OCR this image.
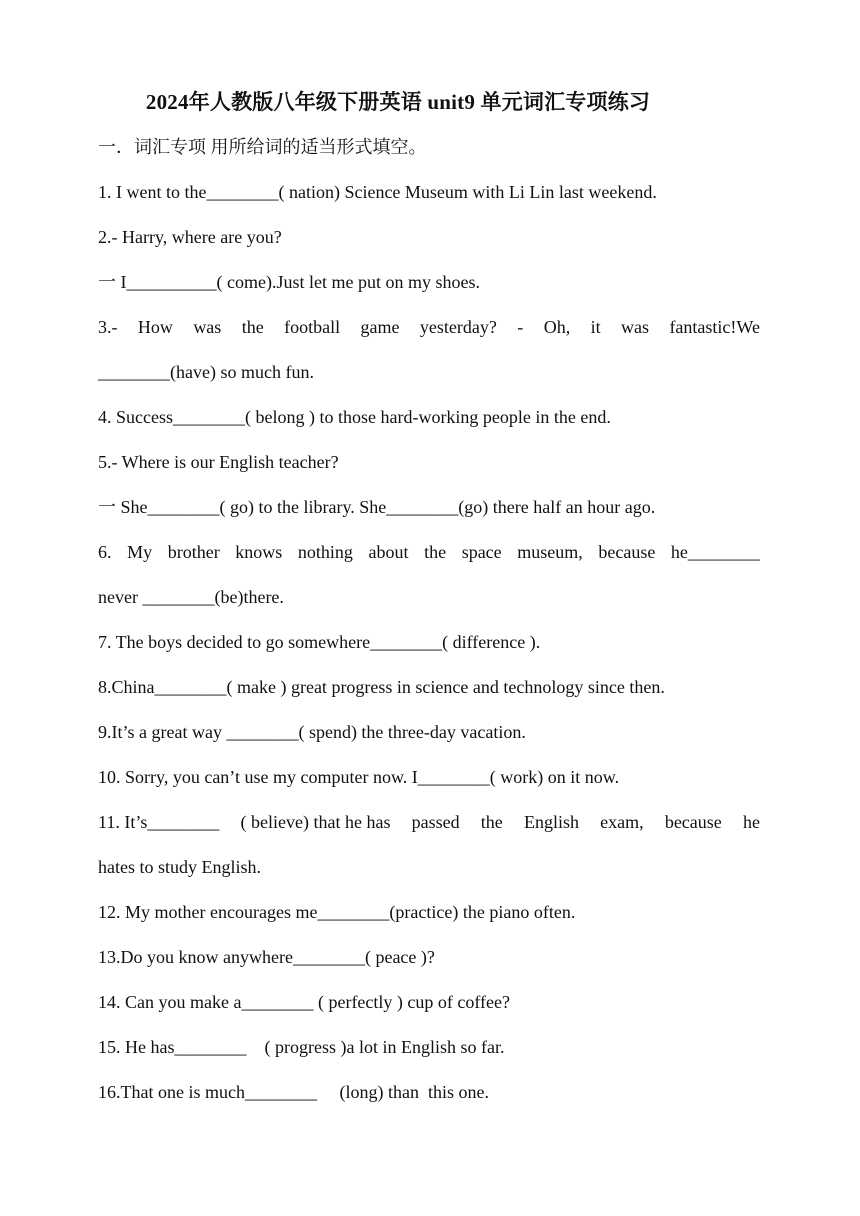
2024年人教版八年级下册英语 unit9 单元词汇专项练习
一．词汇专项 用所给词的适当形式填空。
1. I went to the________( nation) Science Museum with Li Lin last weekend.
2.- Harry, where are you?
一 I__________( come).Just let me put on my shoes.
3.- How was the football game yesterday? - Oh, it was fantastic!We
________(have) so much fun.
4. Success________( belong ) to those hard-working people in the end.
5.- Where is our English teacher?
一 She________( go) to the library. She________(go) there half an hour ago.
6. My brother knows nothing about the space museum, because he________
never ________(be)there.
7. The boys decided to go somewhere________( difference ).
8.China________( make ) great progress in science and technology since then.
9.It’s a great way ________( spend) the three-day vacation.
10. Sorry, you can’t use my computer now. I________( work) on it now.
11. It’s________ ( believe) that he has passed the English exam, because he
hates to study English.
12. My mother encourages me________(practice) the piano often.
13.Do you know anywhere________( peace )?
14. Can you make a________ ( perfectly ) cup of coffee?
15. He has________    ( progress )a lot in English so far.
16.That one is much________     (long) than  this one.
